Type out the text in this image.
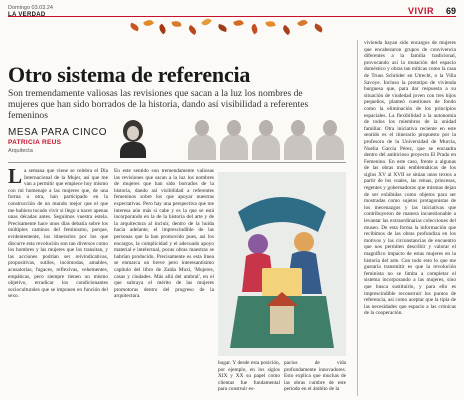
Domingo 03.03.24
LA VERDAD	VIVIR 69
Otro sistema de referencia

Son tremendamente valiosas las revisiones que sacan a la luz los nombres de mujeres que han sido borrados de la historia, dando así visibilidad a referentes femeninos

MESA PARA CINCO
PATRICIA REUS
Arquitecta
La semana que viene se celebra el Día Internacional de la Mujer, así que me van a permitir que empiece hoy mismo con mi homenaje a las mujeres que, de una forma u otra, han participado en la construcción de un mundo mejor que el que me hubiera tocado vivir si llego a nacer apenas unas décadas antes. Seguimos vuestra estela. Precisamente hace unos días debatía sobre los múltiples caminos del feminismo, porque, evidentemente, los itinerarios por los que discurre esta revolución son tan diversos como los hombres y las mujeres que los transitan, y las acciones podrían ser reivindicativas, propositivas, sutiles, incómodas, amables, acusatorias, fugaces, reflexivas, vehementes, empáticas, pero siempre tienen un mismo objetivo, erradicar los condicionantes socioculturales que se imponen en función del sexo.
En este sentido son tremendamente valiosas las revisiones que sacan a la luz los nombres de mujeres que han sido borrados de la historia, dando así visibilidad a referentes femeninos sobre los que apoyar nuestras expectativas. Pero hay una perspectiva que me interesa aún más si cabe y es la que se está incorporando en la de la historia del arte y de la arquitectura al incluir, dentro de la huida hacia adelante, el imprescindible de las personas que la han promovido pues, así los encargos, la complicidad y el adecuado apoyo material e intelectual, pocas obras maestras se habrían producido. Precisamente es esta línea se enmarca un breve pero interesantísimo capítulo del libro de Zaida Muxí, 'Mujeres, casas y ciudades. Más allá del umbral', en el que subraya el mérito de las mujeres promotoras dentro del progreso de la arquitectura.
hogar. Y desde esta posición, por ejemplo, en los siglos XIX y XX su papel como clientas fue fundamental para construir es-
pacios de vida profundamente innovadores. Esto explica que muchas de las obras cumbre de este periodo en el ámbito de la
vivienda hayan sido encargos de mujeres que encabezaron grupos de convivencia diferentes a la familia tradicional, provocando así la mutación del espacio doméstico y obras tan míticas como la casa de Truus Schröder en Utrecht, o la Villa Savoye. Incluso la prototipo de vivienda burguesa que, para dar respuesta a su situación de viudedad joven con tres hijos pequeños, planteó cuestiones de fondo como la eliminación de los principios espaciales. La flexibilidad a la autonomía de todos los miembros de la unidad familiar. Otra iniciativa reciente en este sentido es el itinerario propuesto por la profesora de la Universidad de Murcia, Noelia García Pérez, que se encuadra dentro del ambicioso proyecto El Prado en Femenino. En este caso, frente a algunas de las obras más emblemáticas de los siglos XV al XVII se sitúan unos textos a partir de los cuales, las reinas, princesas, regentes y gobernadoras que mismas dejan de ser exhibidas como objetos para ser mostradas como sujetos protagonistas de los mecenazgos y las iniciativas que contribuyeron de manera incuestionable a levantar las extraordinarias colecciones del museo. De esta forma la información que recibimos de las obras profundiza en los motivos y las circunstancias de encuentro que nos permiten describir y valorar el magnífico impacto de estas mujeres en la historia del arte. Con todo esto lo que me gustaría transmitir es que la revolución feminista no se limita a completar el sistema incorporando a las mujeres, sino que busca sustituirlo, y para ello es imprescindible reconstruir los puntos de referencia, así como aceptar que la tipia de las necesidades que espacio a las crónicas de la cooperación.
